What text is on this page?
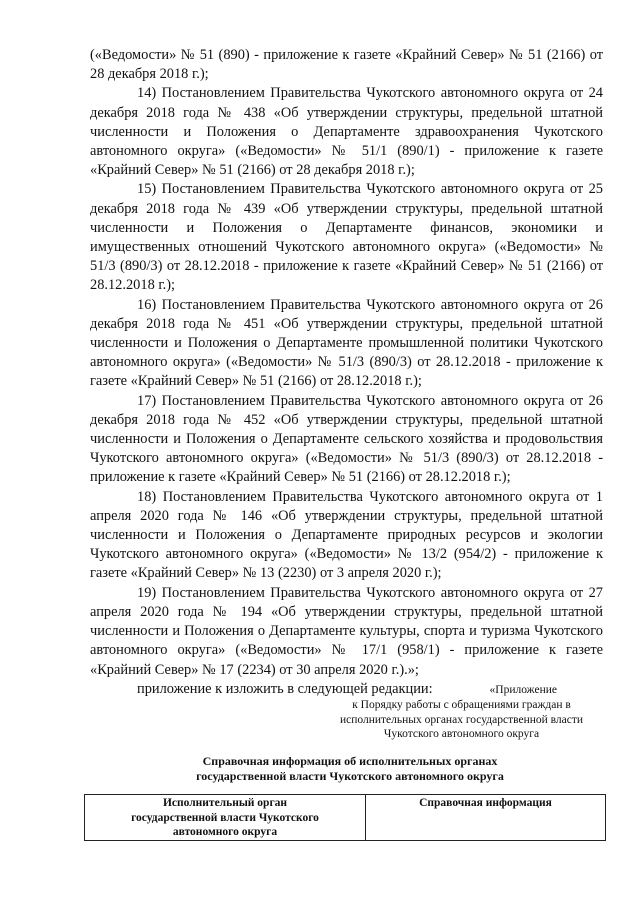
(«Ведомости» № 51 (890) - приложение к газете «Крайний Север» № 51 (2166) от 28 декабря 2018 г.);

14) Постановлением Правительства Чукотского автономного округа от 24 декабря 2018 года № 438 «Об утверждении структуры, предельной штатной численности и Положения о Департаменте здравоохранения Чукотского автономного округа» («Ведомости» № 51/1 (890/1) - приложение к газете «Крайний Север» № 51 (2166) от 28 декабря 2018 г.);

15) Постановлением Правительства Чукотского автономного округа от 25 декабря 2018 года № 439 «Об утверждении структуры, предельной штатной численности и Положения о Департаменте финансов, экономики и имущественных отношений Чукотского автономного округа» («Ведомости» № 51/3 (890/3) от 28.12.2018 - приложение к газете «Крайний Север» № 51 (2166) от 28.12.2018 г.);

16) Постановлением Правительства Чукотского автономного округа от 26 декабря 2018 года № 451 «Об утверждении структуры, предельной штатной численности и Положения о Департаменте промышленной политики Чукотского автономного округа» («Ведомости» № 51/3 (890/3) от 28.12.2018 - приложение к газете «Крайний Север» № 51 (2166) от 28.12.2018 г.);

17) Постановлением Правительства Чукотского автономного округа от 26 декабря 2018 года № 452 «Об утверждении структуры, предельной штатной численности и Положения о Департаменте сельского хозяйства и продовольствия Чукотского автономного округа» («Ведомости» № 51/3 (890/3) от 28.12.2018 - приложение к газете «Крайний Север» № 51 (2166) от 28.12.2018 г.);

18) Постановлением Правительства Чукотского автономного округа от 1 апреля 2020 года № 146 «Об утверждении структуры, предельной штатной численности и Положения о Департаменте природных ресурсов и экологии Чукотского автономного округа» («Ведомости» № 13/2 (954/2) - приложение к газете «Крайний Север» № 13 (2230) от 3 апреля 2020 г.);

19) Постановлением Правительства Чукотского автономного округа от 27 апреля 2020 года № 194 «Об утверждении структуры, предельной штатной численности и Положения о Департаменте культуры, спорта и туризма Чукотского автономного округа» («Ведомости» № 17/1 (958/1) - приложение к газете «Крайний Север» № 17 (2234) от 30 апреля 2020 г.).»;

приложение к изложить в следующей редакции:	«Приложение
к Порядку работы с обращениями граждан в
исполнительных органах государственной власти
Чукотского автономного округа
Справочная информация об исполнительных органах
государственной власти Чукотского автономного округа
Исполнительный орган
государственной власти Чукотского
автономного округа
	Справочная информация
